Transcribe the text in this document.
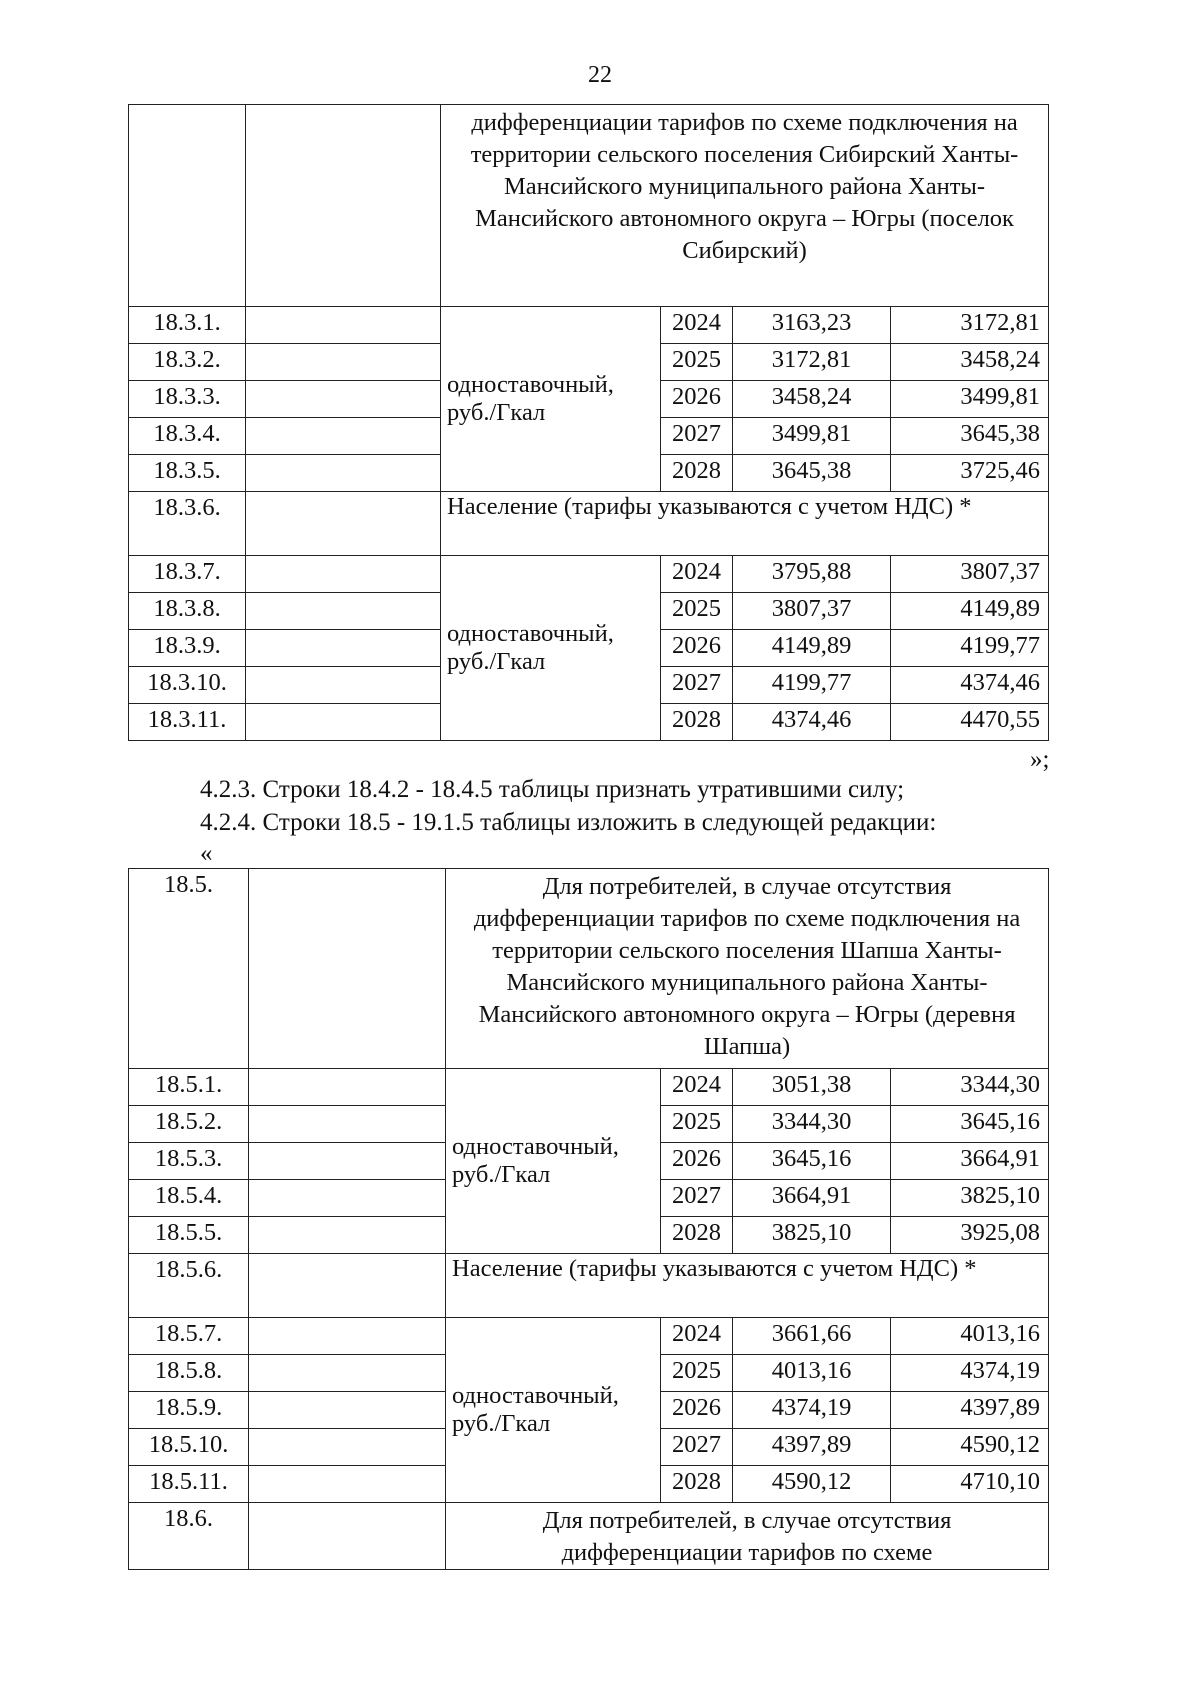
22
		дифференциации тарифов по схеме подключения на территории сельского поселения Сибирский Ханты-Мансийского муниципального района Ханты-Мансийского автономного округа – Югры (поселок Сибирский)			
18.3.1.		одноставочный, руб./Гкал	2024	3163,23	3172,81
18.3.2.			2025	3172,81	3458,24
18.3.3.			2026	3458,24	3499,81
18.3.4.			2027	3499,81	3645,38
18.3.5.			2028	3645,38	3725,46
18.3.6.		Население (тарифы указываются с учетом НДС) *			
18.3.7.		одноставочный, руб./Гкал	2024	3795,88	3807,37
18.3.8.			2025	3807,37	4149,89
18.3.9.			2026	4149,89	4199,77
18.3.10.			2027	4199,77	4374,46
18.3.11.			2028	4374,46	4470,55
»;
4.2.3. Строки 18.4.2 - 18.4.5 таблицы признать утратившими силу;
4.2.4. Строки 18.5 - 19.1.5 таблицы изложить в следующей редакции:
«
18.5.		Для потребителей, в случае отсутствия дифференциации тарифов по схеме подключения на территории сельского поселения Шапша Ханты-Мансийского муниципального района Ханты-Мансийского автономного округа – Югры (деревня Шапша)			
18.5.1.		одноставочный, руб./Гкал	2024	3051,38	3344,30
18.5.2.			2025	3344,30	3645,16
18.5.3.			2026	3645,16	3664,91
18.5.4.			2027	3664,91	3825,10
18.5.5.			2028	3825,10	3925,08
18.5.6.		Население (тарифы указываются с учетом НДС) *			
18.5.7.		одноставочный, руб./Гкал	2024	3661,66	4013,16
18.5.8.			2025	4013,16	4374,19
18.5.9.			2026	4374,19	4397,89
18.5.10.			2027	4397,89	4590,12
18.5.11.			2028	4590,12	4710,10
18.6.		Для потребителей, в случае отсутствия дифференциации тарифов по схеме			
